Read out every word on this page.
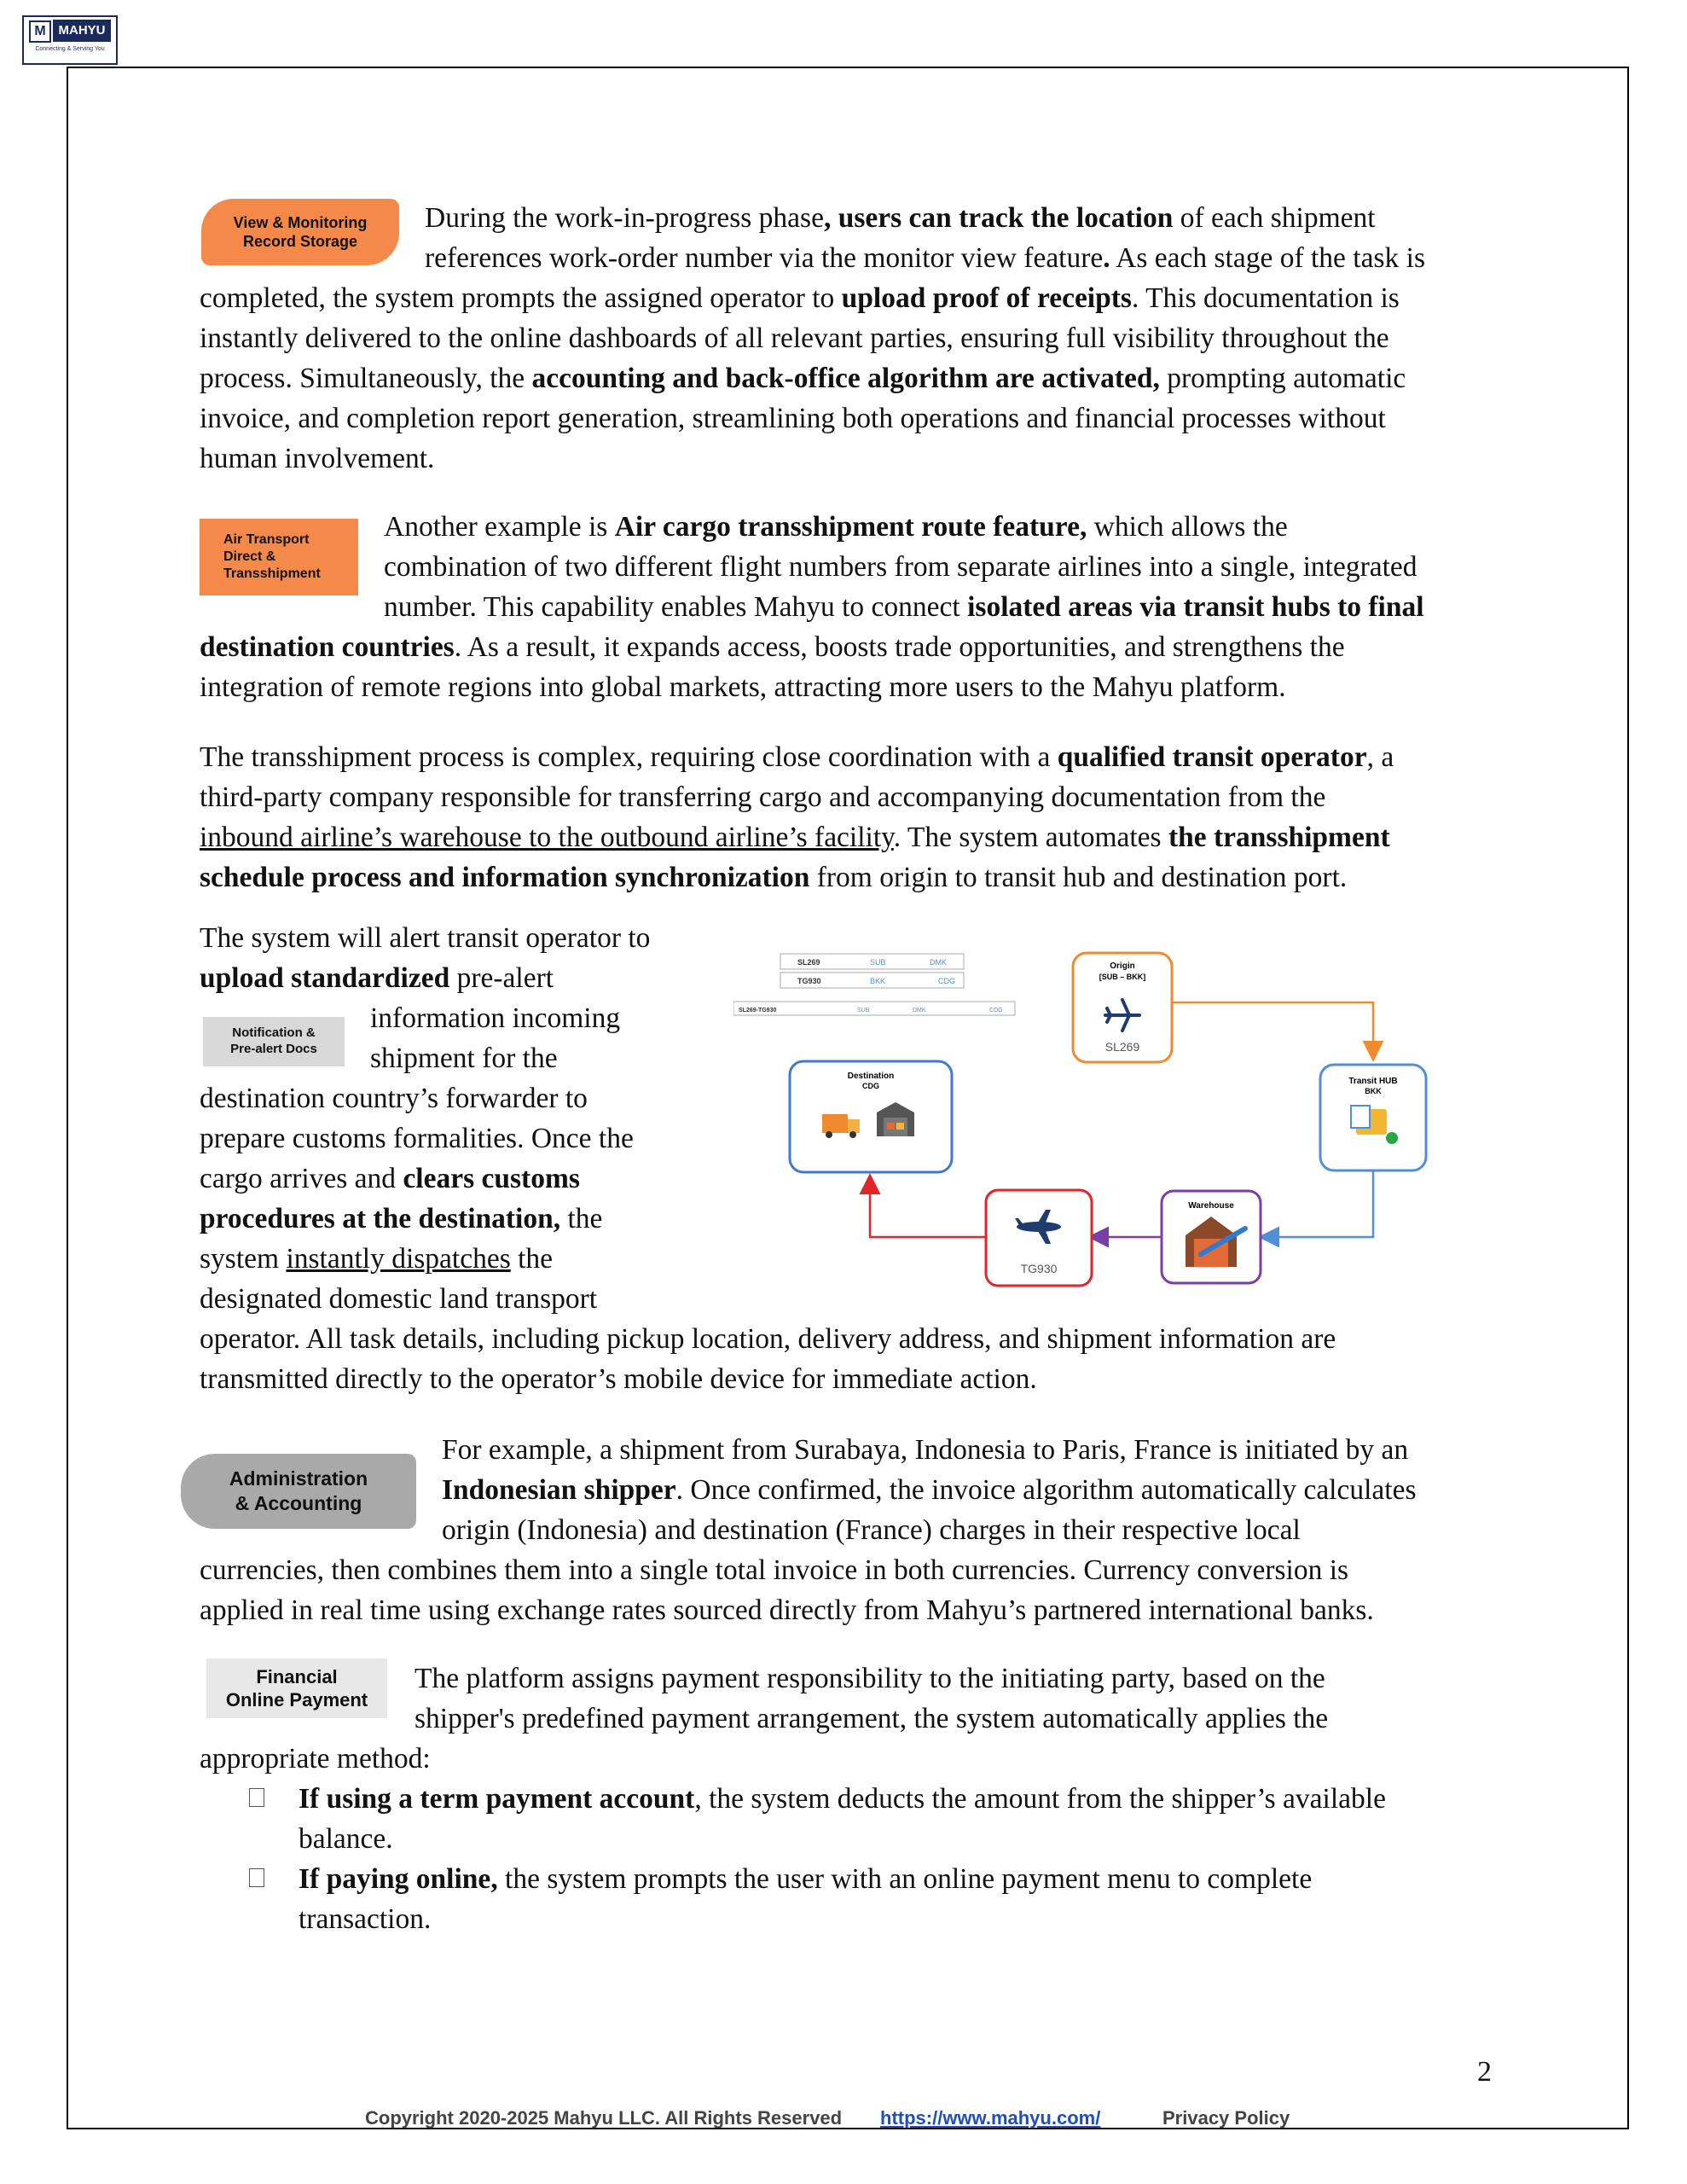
M MAHYU
Connecting & Serving You
View & Monitoring
Record Storage
During the work-in-progress phase, users can track the location of each shipment
references work-order number via the monitor view feature. As each stage of the task is
completed, the system prompts the assigned operator to upload proof of receipts. This documentation is
instantly delivered to the online dashboards of all relevant parties, ensuring full visibility throughout the
process. Simultaneously, the accounting and back-office algorithm are activated, prompting automatic
invoice, and completion report generation, streamlining both operations and financial processes without
human involvement.
Air Transport
Direct &
Transshipment
Another example is Air cargo transshipment route feature, which allows the
combination of two different flight numbers from separate airlines into a single, integrated
number. This capability enables Mahyu to connect isolated areas via transit hubs to final
destination countries. As a result, it expands access, boosts trade opportunities, and strengthens the
integration of remote regions into global markets, attracting more users to the Mahyu platform.
The transshipment process is complex, requiring close coordination with a qualified transit operator, a
third-party company responsible for transferring cargo and accompanying documentation from the
inbound airline’s warehouse to the outbound airline’s facility. The system automates the transshipment
schedule process and information synchronization from origin to transit hub and destination port.
The system will alert transit operator to
upload standardized pre-alert
Notification &
Pre-alert Docs
information incoming
shipment for the
destination country’s forwarder to
prepare customs formalities. Once the
cargo arrives and clears customs
procedures at the destination, the
system instantly dispatches the
designated domestic land transport
operator. All task details, including pickup location, delivery address, and shipment information are
transmitted directly to the operator’s mobile device for immediate action.
SL269	SUB	DMK
TG930	BKK	CDG
SL269-TG930	SUB	DMK	CDG
Origin
[SUB – BKK]
SL269
Transit HUB
BKK
Warehouse
TG930
Destination
CDG
Administration
& Accounting
For example, a shipment from Surabaya, Indonesia to Paris, France is initiated by an
Indonesian shipper. Once confirmed, the invoice algorithm automatically calculates
origin (Indonesia) and destination (France) charges in their respective local
currencies, then combines them into a single total invoice in both currencies. Currency conversion is
applied in real time using exchange rates sourced directly from Mahyu’s partnered international banks.
Financial
Online Payment
The platform assigns payment responsibility to the initiating party, based on the
shipper's predefined payment arrangement, the system automatically applies the
appropriate method:
If using a term payment account, the system deducts the amount from the shipper’s available
balance.
If paying online, the system prompts the user with an online payment menu to complete
transaction.
2
Copyright 2020-2025 Mahyu LLC. All Rights Reserved https://www.mahyu.com/	Privacy Policy
